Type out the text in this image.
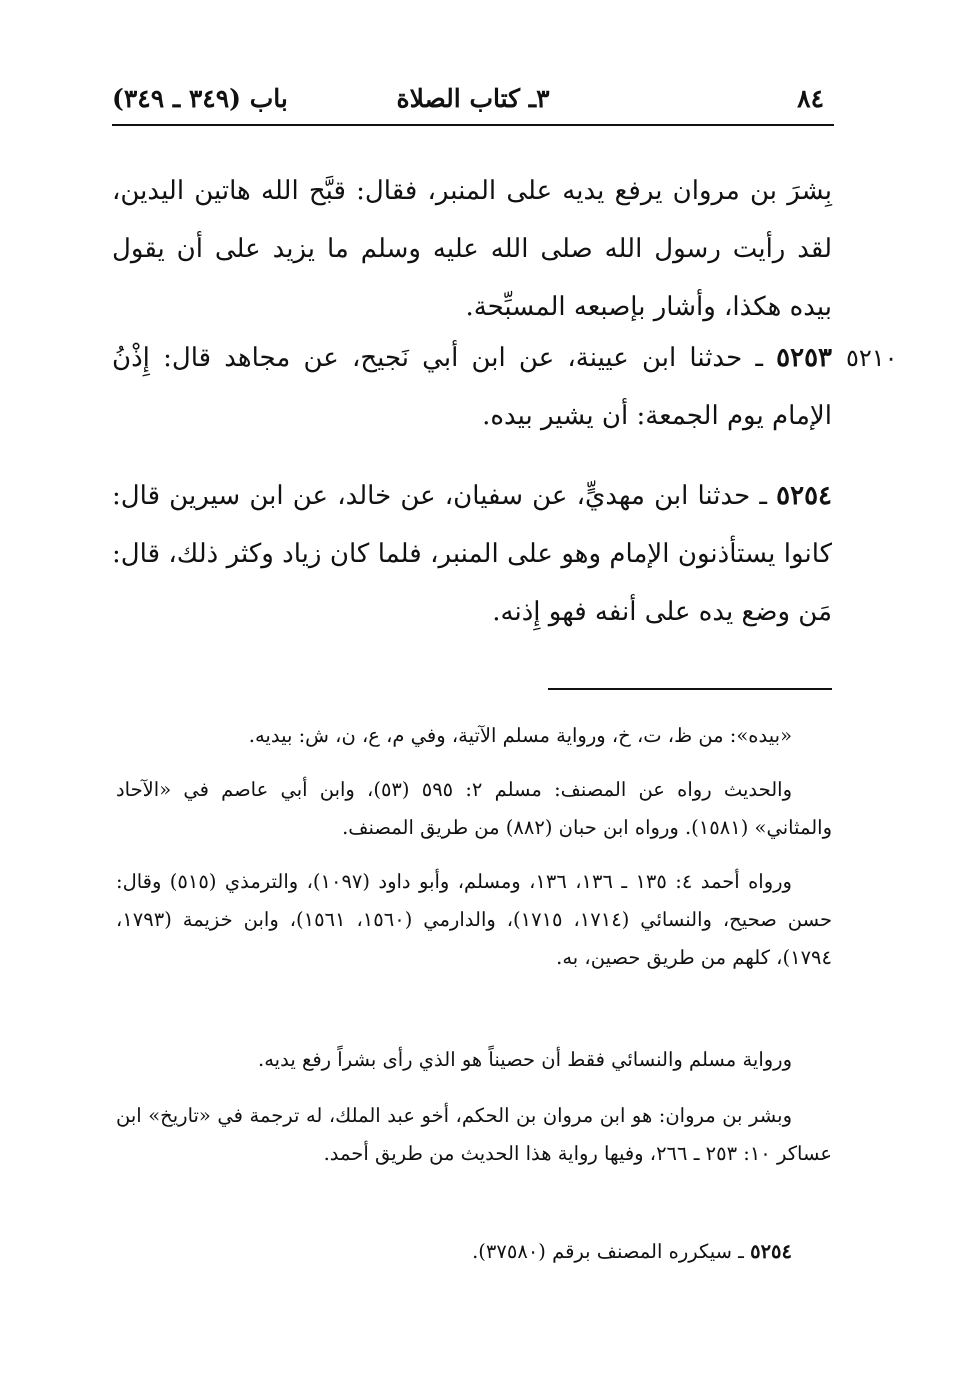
٨٤
٣ـ كتاب الصلاة
باب (٣٤٩ ـ ٣٤٩)
٥٢١٠

بِشرَ بن مروان يرفع يديه على المنبر، فقال: قبَّح الله هاتين اليدين، لقد رأيت رسول الله صلى الله عليه وسلم ما يزيد على أن يقول بيده هكذا، وأشار بإصبعه المسبِّحة.

٥٢٥٣ ـ حدثنا ابن عيينة، عن ابن أبي نَجيح، عن مجاهد قال: إِذْنُ الإمام يوم الجمعة: أن يشير بيده.

٥٢٥٤ ـ حدثنا ابن مهديٍّ، عن سفيان، عن خالد، عن ابن سيرين قال: كانوا يستأذنون الإمام وهو على المنبر، فلما كان زياد وكثر ذلك، قال: مَن وضع يده على أنفه فهو إِذنه.

«بيده»: من ظ، ت، خ، ورواية مسلم الآتية، وفي م، ع، ن، ش: بيديه.

والحديث رواه عن المصنف: مسلم ٢: ٥٩٥ (٥٣)، وابن أبي عاصم في «الآحاد والمثاني» (١٥٨١). ورواه ابن حبان (٨٨٢) من طريق المصنف.

ورواه أحمد ٤: ١٣٥ ـ ١٣٦، ١٣٦، ومسلم، وأبو داود (١٠٩٧)، والترمذي (٥١٥) وقال: حسن صحيح، والنسائي (١٧١٤، ١٧١٥)، والدارمي (١٥٦٠، ١٥٦١)، وابن خزيمة (١٧٩٣، ١٧٩٤)، كلهم من طريق حصين، به.

ورواية مسلم والنسائي فقط أن حصيناً هو الذي رأى بشراً رفع يديه.

وبشر بن مروان: هو ابن مروان بن الحكم، أخو عبد الملك، له ترجمة في «تاريخ» ابن عساكر ١٠: ٢٥٣ ـ ٢٦٦، وفيها رواية هذا الحديث من طريق أحمد.

٥٢٥٤ ـ سيكرره المصنف برقم (٣٧٥٨٠).
